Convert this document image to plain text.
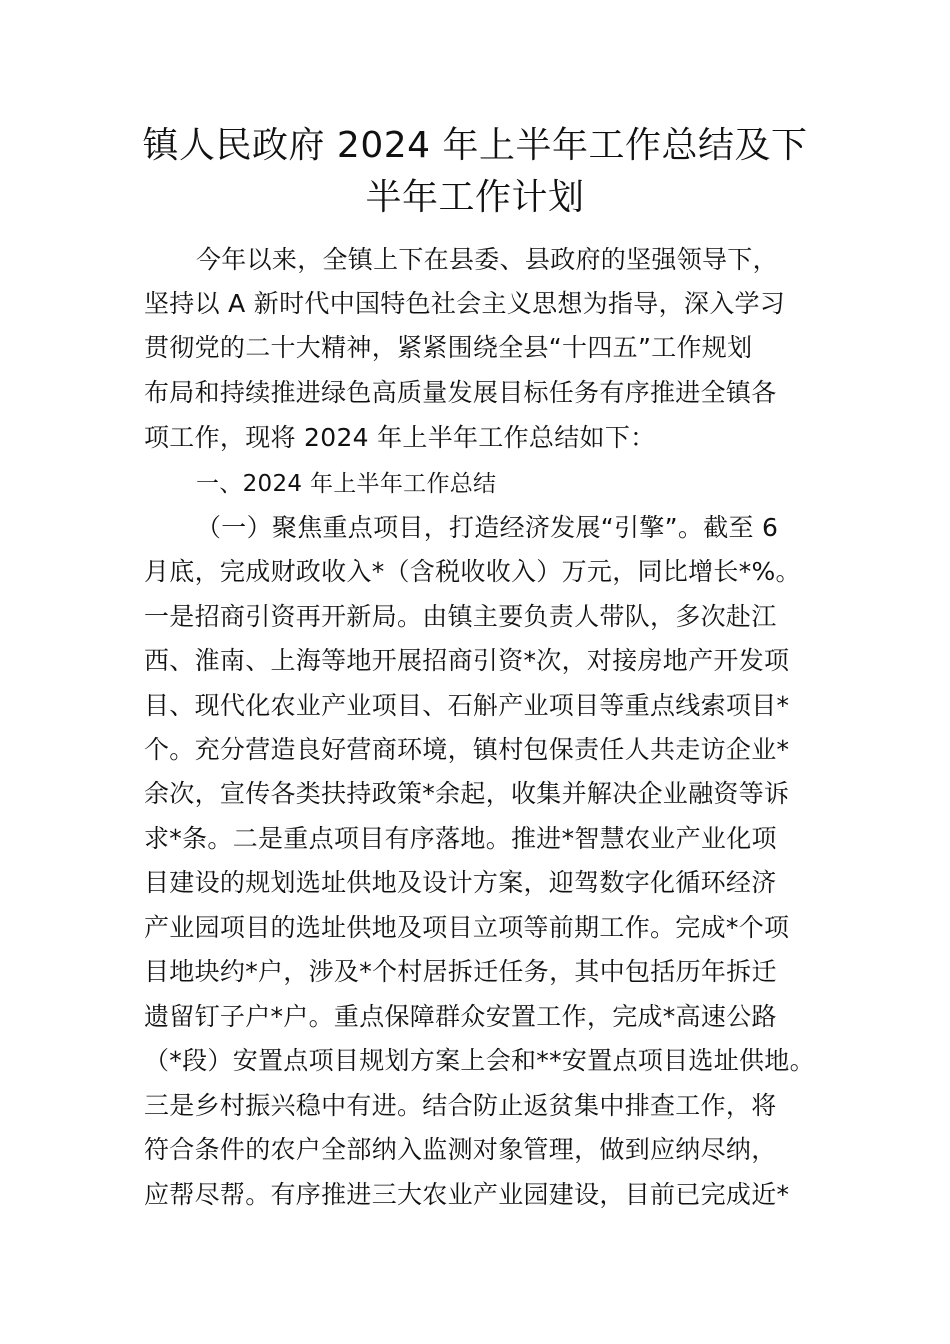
镇人民政府 2024 年上半年工作总结及下
半年工作计划
今年以来，全镇上下在县委、县政府的坚强领导下，
坚持以 A 新时代中国特色社会主义思想为指导，深入学习
贯彻党的二十大精神，紧紧围绕全县“十四五”工作规划
布局和持续推进绿色高质量发展目标任务有序推进全镇各
项工作，现将 2024 年上半年工作总结如下：
一、2024 年上半年工作总结
（一）聚焦重点项目，打造经济发展“引擎”。截至 6
月底，完成财政收入*（含税收收入）万元，同比增长*%。
一是招商引资再开新局。由镇主要负责人带队，多次赴江
西、淮南、上海等地开展招商引资*次，对接房地产开发项
目、现代化农业产业项目、石斛产业项目等重点线索项目*
个。充分营造良好营商环境，镇村包保责任人共走访企业*
余次，宣传各类扶持政策*余起，收集并解决企业融资等诉
求*条。二是重点项目有序落地。推进*智慧农业产业化项
目建设的规划选址供地及设计方案，迎驾数字化循环经济
产业园项目的选址供地及项目立项等前期工作。完成*个项
目地块约*户，涉及*个村居拆迁任务，其中包括历年拆迁
遗留钉子户*户。重点保障群众安置工作，完成*高速公路
（*段）安置点项目规划方案上会和**安置点项目选址供地。
三是乡村振兴稳中有进。结合防止返贫集中排查工作，将
符合条件的农户全部纳入监测对象管理，做到应纳尽纳，
应帮尽帮。有序推进三大农业产业园建设，目前已完成近*
